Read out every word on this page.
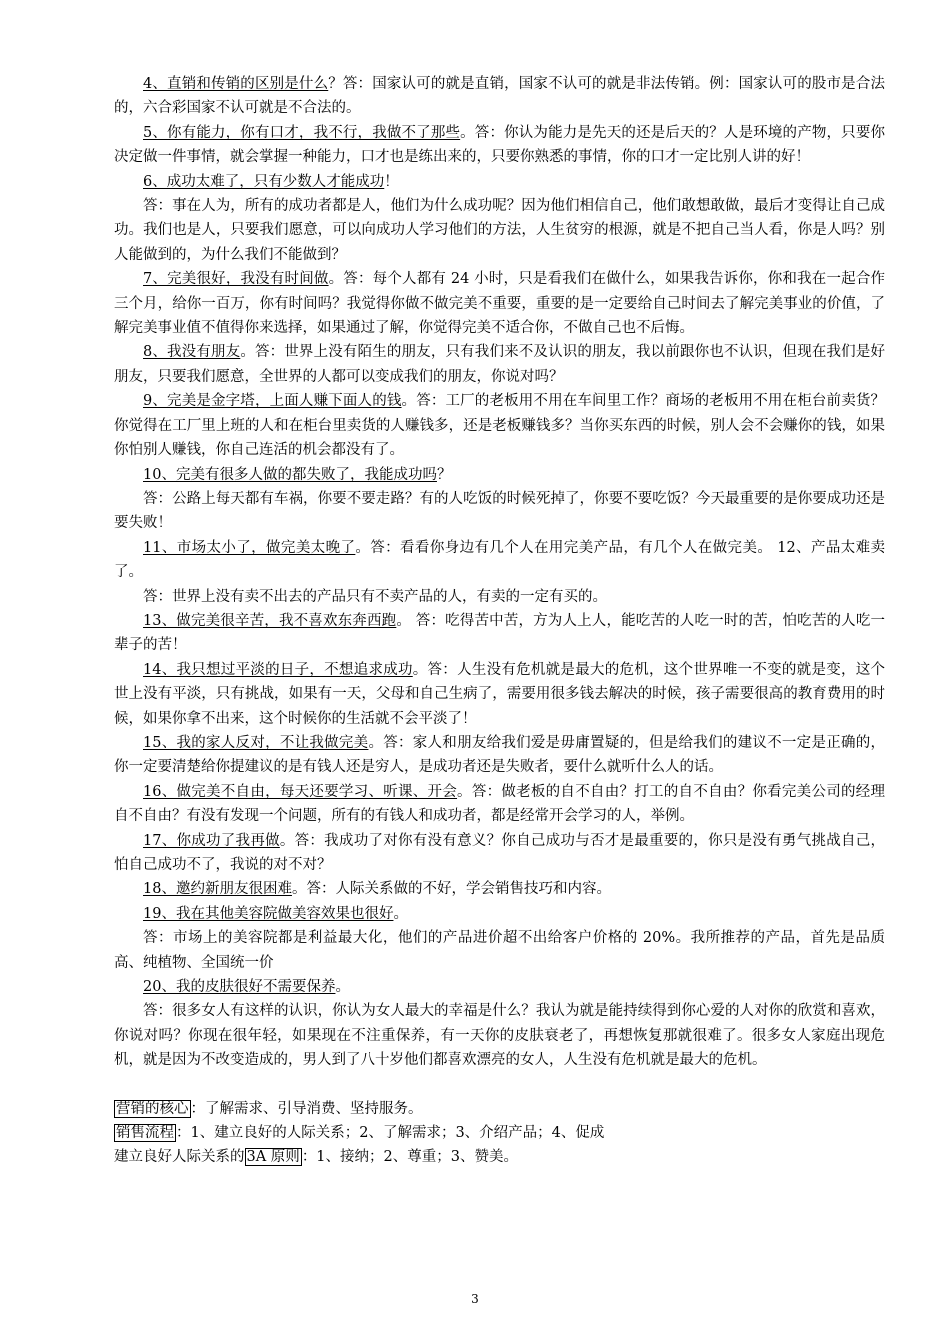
4、直销和传销的区别是什么？答：国家认可的就是直销，国家不认可的就是非法传销。例：国家认可的股市是合法的，六合彩国家不认可就是不合法的。

5、你有能力，你有口才，我不行，我做不了那些。答：你认为能力是先天的还是后天的？人是环境的产物，只要你决定做一件事情，就会掌握一种能力，口才也是练出来的，只要你熟悉的事情，你的口才一定比别人讲的好！

6、成功太难了，只有少数人才能成功！

答：事在人为，所有的成功者都是人，他们为什么成功呢？因为他们相信自己，他们敢想敢做，最后才变得让自己成功。我们也是人，只要我们愿意，可以向成功人学习他们的方法，人生贫穷的根源，就是不把自己当人看，你是人吗？别人能做到的，为什么我们不能做到？

7、完美很好，我没有时间做。答：每个人都有 24 小时，只是看我们在做什么，如果我告诉你，你和我在一起合作三个月，给你一百万，你有时间吗？我觉得你做不做完美不重要，重要的是一定要给自己时间去了解完美事业的价值，了解完美事业值不值得你来选择，如果通过了解，你觉得完美不适合你，不做自己也不后悔。

8、我没有朋友。答：世界上没有陌生的朋友，只有我们来不及认识的朋友，我以前跟你也不认识，但现在我们是好朋友，只要我们愿意，全世界的人都可以变成我们的朋友，你说对吗？

9、完美是金字塔，上面人赚下面人的钱。答：工厂的老板用不用在车间里工作？商场的老板用不用在柜台前卖货？你觉得在工厂里上班的人和在柜台里卖货的人赚钱多，还是老板赚钱多？当你买东西的时候，别人会不会赚你的钱，如果你怕别人赚钱，你自己连活的机会都没有了。

10、完美有很多人做的都失败了，我能成功吗？

答：公路上每天都有车祸，你要不要走路？有的人吃饭的时候死掉了，你要不要吃饭？今天最重要的是你要成功还是要失败！

11、市场太小了，做完美太晚了。答：看看你身边有几个人在用完美产品，有几个人在做完美。 12、产品太难卖了。

答：世界上没有卖不出去的产品只有不卖产品的人，有卖的一定有买的。

13、做完美很辛苦，我不喜欢东奔西跑。 答：吃得苦中苦，方为人上人，能吃苦的人吃一时的苦，怕吃苦的人吃一辈子的苦！

14、我只想过平淡的日子，不想追求成功。答：人生没有危机就是最大的危机，这个世界唯一不变的就是变，这个世上没有平淡，只有挑战，如果有一天，父母和自己生病了，需要用很多钱去解决的时候，孩子需要很高的教育费用的时候，如果你拿不出来，这个时候你的生活就不会平淡了！

15、我的家人反对，不让我做完美。答：家人和朋友给我们爱是毋庸置疑的，但是给我们的建议不一定是正确的，你一定要清楚给你提建议的是有钱人还是穷人，是成功者还是失败者，要什么就听什么人的话。

16、做完美不自由，每天还要学习、听课、开会。答：做老板的自不自由？打工的自不自由？你看完美公司的经理自不自由？有没有发现一个问题，所有的有钱人和成功者，都是经常开会学习的人，举例。

17、你成功了我再做。答：我成功了对你有没有意义？你自己成功与否才是最重要的，你只是没有勇气挑战自己，怕自己成功不了，我说的对不对？

18、邀约新朋友很困难。答：人际关系做的不好，学会销售技巧和内容。

19、我在其他美容院做美容效果也很好。

答：市场上的美容院都是利益最大化，他们的产品进价超不出给客户价格的 20%。我所推荐的产品，首先是品质高、纯植物、全国统一价

20、我的皮肤很好不需要保养。

答：很多女人有这样的认识，你认为女人最大的幸福是什么？我认为就是能持续得到你心爱的人对你的欣赏和喜欢，你说对吗？你现在很年轻，如果现在不注重保养，有一天你的皮肤衰老了，再想恢复那就很难了。很多女人家庭出现危机，就是因为不改变造成的，男人到了八十岁他们都喜欢漂亮的女人，人生没有危机就是最大的危机。

营销的核心 ：了解需求、引导消费、坚持服务。

销售流程 ：1、建立良好的人际关系；2、了解需求；3、介绍产品；4、促成

建立良好人际关系的 3A 原则 ：1、接纳；2、尊重；3、赞美。

3
